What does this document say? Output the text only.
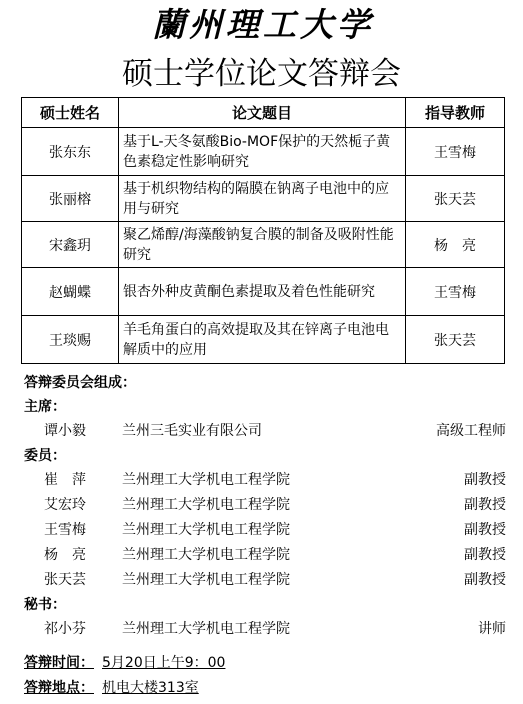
蘭州理工大学
硕士学位论文答辩会
硕士姓名	论文题目	指导教师
张东东	基于L-天冬氨酸Bio-MOF保护的天然栀子黄色素稳定性影响研究	王雪梅
张丽榕	基于机织物结构的隔膜在钠离子电池中的应用与研究	张天芸
宋鑫玥	聚乙烯醇/海藻酸钠复合膜的制备及吸附性能研究	杨　亮
赵蝴蝶	银杏外种皮黄酮色素提取及着色性能研究	王雪梅
王琰赐	羊毛角蛋白的高效提取及其在锌离子电池电解质中的应用	张天芸
答辩委员会组成：
主席：
谭小毅	兰州三毛实业有限公司	高级工程师
委员：
崔　萍	兰州理工大学机电工程学院	副教授
艾宏玲	兰州理工大学机电工程学院	副教授
王雪梅	兰州理工大学机电工程学院	副教授
杨　亮	兰州理工大学机电工程学院	副教授
张天芸	兰州理工大学机电工程学院	副教授
秘书：
祁小芬	兰州理工大学机电工程学院	讲师
答辩时间： 5月20日上午9：00
答辩地点： 机电大楼313室
